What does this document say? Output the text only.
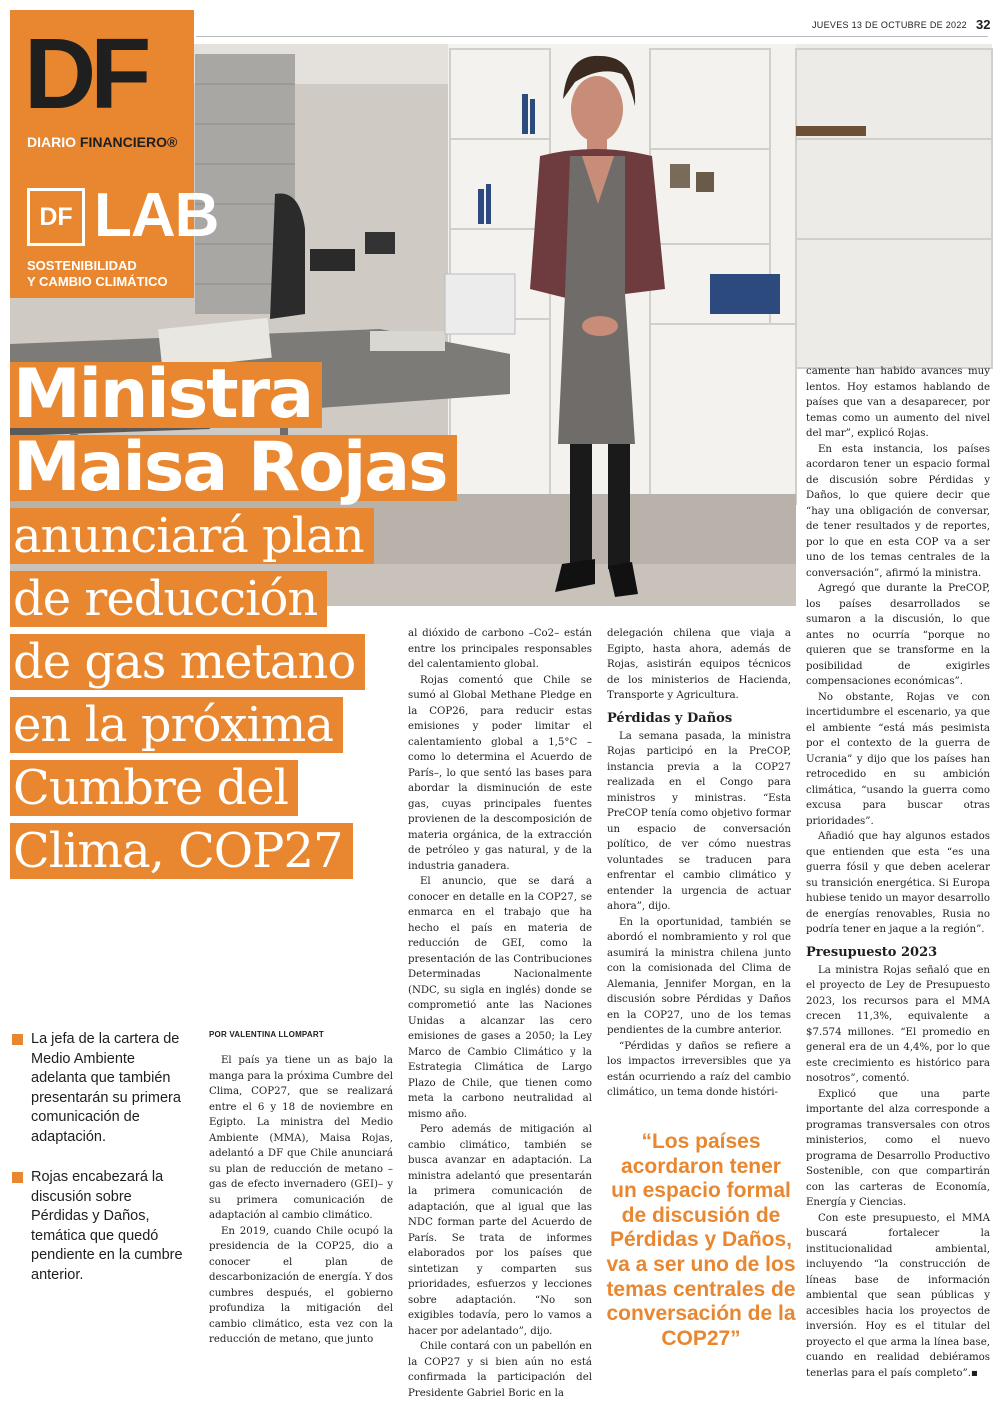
JUEVES 13 DE OCTUBRE DE 2022 32
DF
DIARIO FINANCIERO®
DF LAB
SOSTENIBILIDAD
Y CAMBIO CLIMÁTICO
Ministra
Maisa Rojas
anunciará plan
de reducción
de gas metano
en la próxima
Cumbre del
Clima, COP27
La jefa de la cartera de Medio Ambiente adelanta que también presentarán su primera comunicación de adaptación.
Rojas encabezará la discusión sobre Pérdidas y Daños, temática que quedó pendiente en la cumbre anterior.
POR VALENTINA LLOMPART

El país ya tiene un as bajo la manga para la próxima Cumbre del Clima, COP27, que se realizará entre el 6 y 18 de noviembre en Egipto. La ministra del Medio Ambiente (MMA), Maisa Rojas, adelantó a DF que Chile anunciará su plan de reducción de metano –gas de efecto invernadero (GEI)– y su primera comunicación de adaptación al cambio climático.

En 2019, cuando Chile ocupó la presidencia de la COP25, dio a conocer el plan de descarbonización de energía. Y dos cumbres después, el gobierno profundiza la mitigación del cambio climático, esta vez con la reducción de metano, que junto

al dióxido de carbono –Co2– están entre los principales responsables del calentamiento global.

Rojas comentó que Chile se sumó al Global Methane Pledge en la COP26, para reducir estas emisiones y poder limitar el calentamiento global a 1,5°C –como lo determina el Acuerdo de París–, lo que sentó las bases para abordar la disminución de este gas, cuyas principales fuentes provienen de la descomposición de materia orgánica, de la extracción de petróleo y gas natural, y de la industria ganadera.

El anuncio, que se dará a conocer en detalle en la COP27, se enmarca en el trabajo que ha hecho el país en materia de reducción de GEI, como la presentación de las Contribuciones Determinadas Nacionalmente (NDC, su sigla en inglés) donde se comprometió ante las Naciones Unidas a alcanzar las cero emisiones de gases a 2050; la Ley Marco de Cambio Climático y la Estrategia Climática de Largo Plazo de Chile, que tienen como meta la carbono neutralidad al mismo año.

Pero además de mitigación al cambio climático, también se busca avanzar en adaptación. La ministra adelantó que presentarán la primera comunicación de adaptación, que al igual que las NDC forman parte del Acuerdo de París. Se trata de informes elaborados por los países que sintetizan y comparten sus prioridades, esfuerzos y lecciones sobre adaptación. “No son exigibles todavía, pero lo vamos a hacer por adelantado”, dijo.

Chile contará con un pabellón en la COP27 y si bien aún no está confirmada la participación del Presidente Gabriel Boric en la

delegación chilena que viaja a Egipto, hasta ahora, además de Rojas, asistirán equipos técnicos de los ministerios de Hacienda, Transporte y Agricultura.

Pérdidas y Daños

La semana pasada, la ministra Rojas participó en la PreCOP, instancia previa a la COP27 realizada en el Congo para ministros y ministras. “Esta PreCOP tenía como objetivo formar un espacio de conversación político, de ver cómo nuestras voluntades se traducen para enfrentar el cambio climático y entender la urgencia de actuar ahora”, dijo.

En la oportunidad, también se abordó el nombramiento y rol que asumirá la ministra chilena junto con la comisionada del Clima de Alemania, Jennifer Morgan, en la discusión sobre Pérdidas y Daños en la COP27, uno de los temas pendientes de la cumbre anterior.

“Pérdidas y daños se refiere a los impactos irreversibles que ya están ocurriendo a raíz del cambio climático, un tema donde históri-

“Los países acordaron tener un espacio formal de discusión de Pérdidas y Daños, va a ser uno de los temas centrales de conversación de la COP27”

camente han habido avances muy lentos. Hoy estamos hablando de países que van a desaparecer, por temas como un aumento del nivel del mar”, explicó Rojas.

En esta instancia, los países acordaron tener un espacio formal de discusión sobre Pérdidas y Daños, lo que quiere decir que “hay una obligación de conversar, de tener resultados y de reportes, por lo que en esta COP va a ser uno de los temas centrales de la conversación”, afirmó la ministra.

Agregó que durante la PreCOP, los países desarrollados se sumaron a la discusión, lo que antes no ocurría “porque no quieren que se transforme en la posibilidad de exigirles compensaciones económicas”.

No obstante, Rojas ve con incertidumbre el escenario, ya que el ambiente “está más pesimista por el contexto de la guerra de Ucrania” y dijo que los países han retrocedido en su ambición climática, “usando la guerra como excusa para buscar otras prioridades”.

Añadió que hay algunos estados que entienden que esta “es una guerra fósil y que deben acelerar su transición energética. Si Europa hubiese tenido un mayor desarrollo de energías renovables, Rusia no podría tener en jaque a la región”.

Presupuesto 2023

La ministra Rojas señaló que en el proyecto de Ley de Presupuesto 2023, los recursos para el MMA crecen 11,3%, equivalente a $7.574 millones. “El promedio en general era de un 4,4%, por lo que este crecimiento es histórico para nosotros”, comentó.

Explicó que una parte importante del alza corresponde a programas transversales con otros ministerios, como el nuevo programa de Desarrollo Productivo Sostenible, con que compartirán con las carteras de Economía, Energía y Ciencias.

Con este presupuesto, el MMA buscará fortalecer la institucionalidad ambiental, incluyendo “la construcción de líneas base de información ambiental que sean públicas y accesibles hacia los proyectos de inversión. Hoy es el titular del proyecto el que arma la línea base, cuando en realidad debiéramos tenerlas para el país completo”.▪
